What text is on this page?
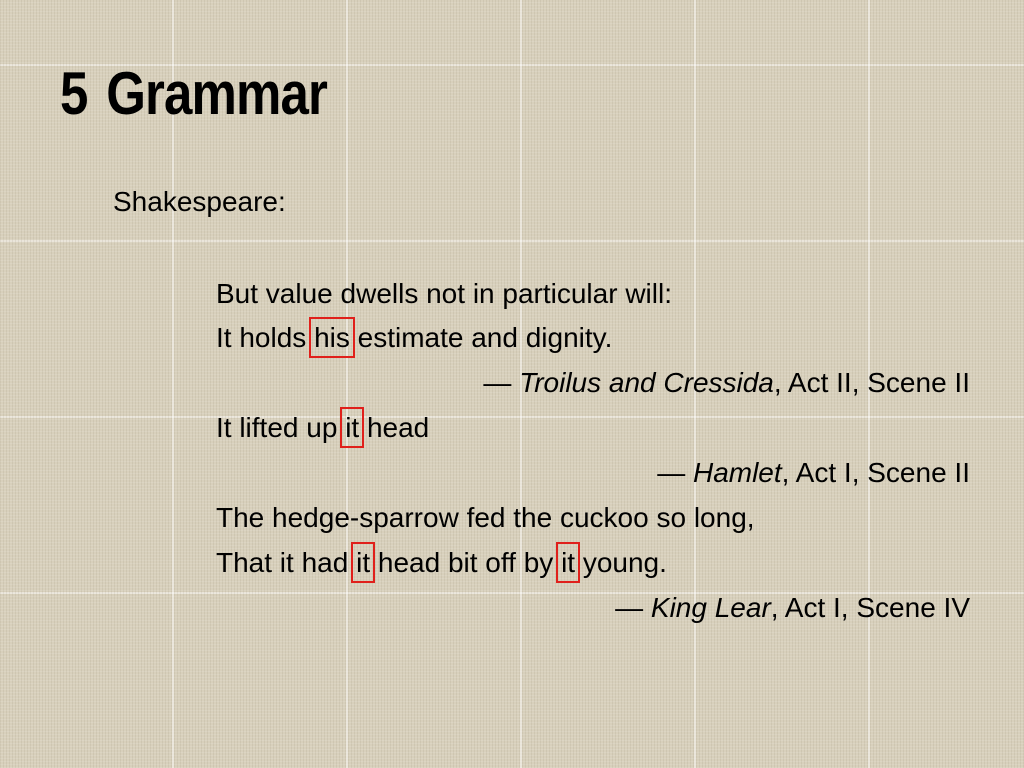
5 Grammar
Shakespeare:
But value dwells not in particular will:
It holds his estimate and dignity.
— Troilus and Cressida, Act II, Scene II
It lifted up it head
— Hamlet, Act I, Scene II
The hedge-sparrow fed the cuckoo so long,
That it had it head bit off by it young.
— King Lear, Act I, Scene IV
